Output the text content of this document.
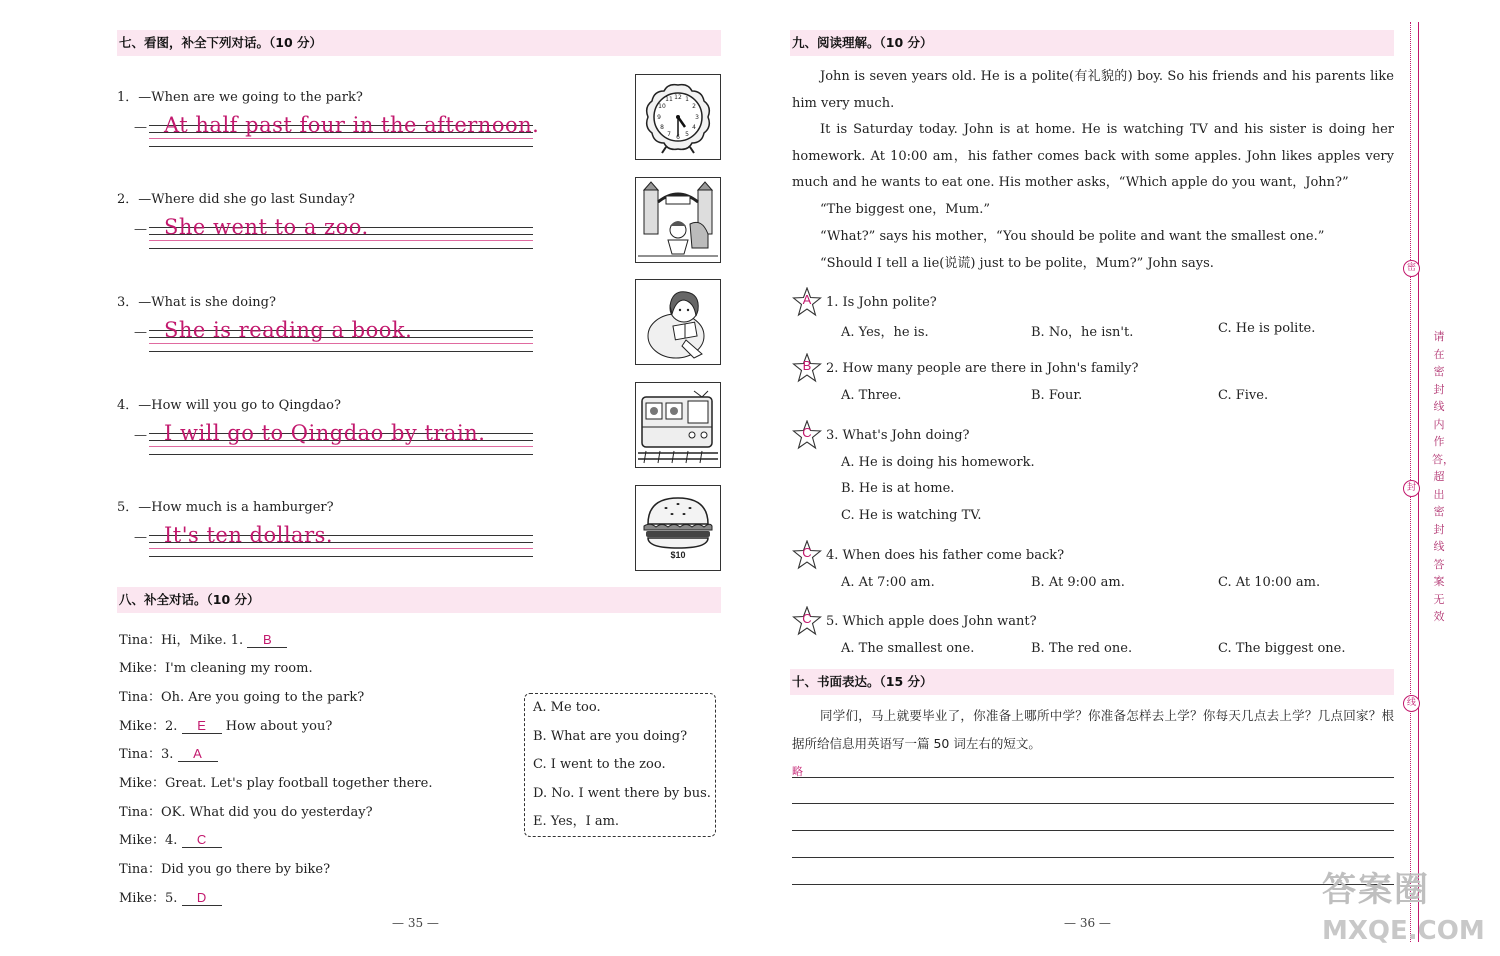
七、看图，补全下列对话。（10 分）
1．—When are we going to the park?
— At half past four in the afternoon.
2．—Where did she go last Sunday?
— She went to a zoo.
3．—What is she doing?
— She is reading a book.
4．—How will you go to Qingdao?
— I will go to Qingdao by train.
5．—How much is a hamburger?
— It's ten dollars.
12 1
2
3
4
5
6
7
8
9
10
11
$10
八、补全对话。（10 分）
Tina：Hi，Mike. 1. B
Mike：I'm cleaning my room.
Tina：Oh. Are you going to the park?
Mike：2. E How about you?
Tina：3. A
Mike：Great. Let's play football together there.
Tina：OK. What did you do yesterday?
Mike：4. C
Tina：Did you go there by bike?
Mike：5. D
A. Me too.
B. What are you doing?
C. I went to the zoo.
D. No. I went there by bus.
E. Yes，I am.
— 35 —
九、阅读理解。（10 分）
John is seven years old. He is a polite(有礼貌的) boy. So his friends and his parents like him very much.
It is Saturday today. John is at home. He is watching TV and his sister is doing her homework. At 10:00 am，his father comes back with some apples. John likes apples very much and he wants to eat one. His mother asks，“Which apple do you want，John?”
“The biggest one，Mum.”
“What?” says his mother，“You should be polite and want the smallest one.”
“Should I tell a lie(说谎) just to be polite，Mum?” John says.
A	1. Is John polite?
A. Yes，he is.	B. No，he isn't.	C. He is polite.
B	2. How many people are there in John's family?
A. Three.	B. Four.	C. Five.
C	3. What's John doing?
A. He is doing his homework.
B. He is at home.
C. He is watching TV.
C	4. When does his father come back?
A. At 7:00 am.	B. At 9:00 am.	C. At 10:00 am.
C	5. Which apple does John want?
A. The smallest one.	B. The red one.	C. The biggest one.
十、书面表达。（15 分）
同学们，马上就要毕业了，你准备上哪所中学？你准备怎样去上学？你每天几点去上学？几点回家？根据所给信息用英语写一篇 50 词左右的短文。
略
— 36 —
密
封
线
请在密封线内作答，超出密封线答案无效
答案圈
MXQE.COM
